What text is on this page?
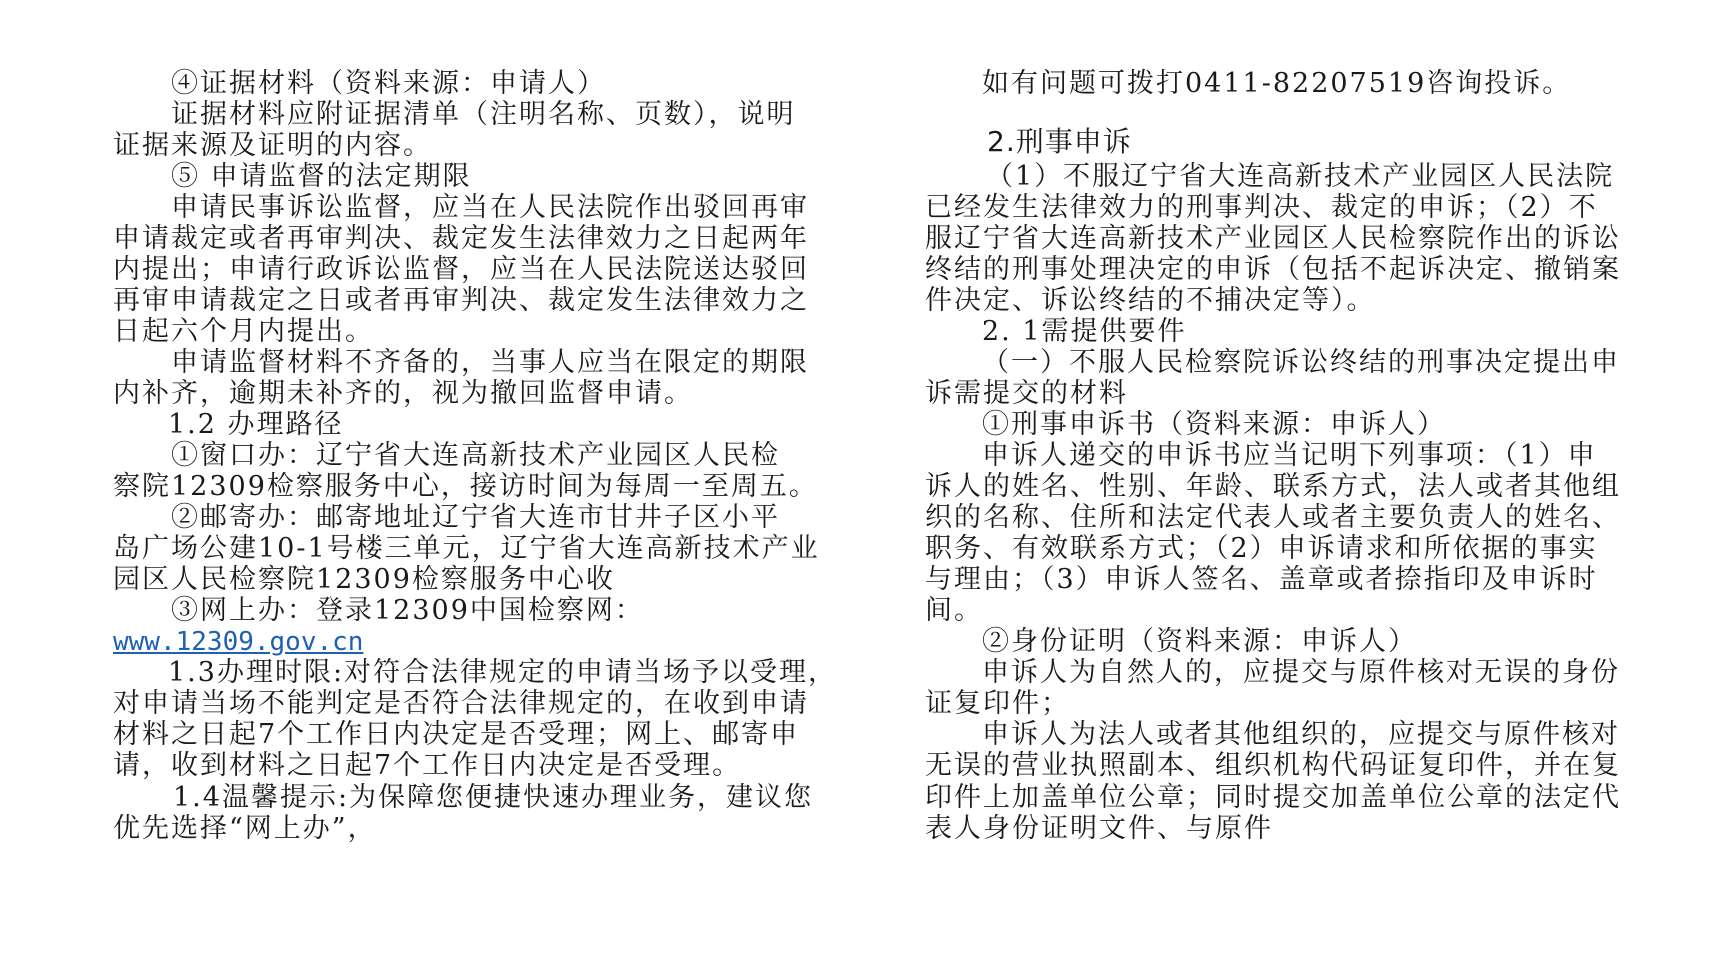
④证据材料（资料来源：申请人）
证据材料应附证据清单（注明名称、页数），说明
证据来源及证明的内容。
⑤ 申请监督的法定期限
申请民事诉讼监督，应当在人民法院作出驳回再审
申请裁定或者再审判决、裁定发生法律效力之日起两年
内提出；申请行政诉讼监督，应当在人民法院送达驳回
再审申请裁定之日或者再审判决、裁定发生法律效力之
日起六个月内提出。
申请监督材料不齐备的，当事人应当在限定的期限
内补齐，逾期未补齐的，视为撤回监督申请。
1.2 办理路径
①窗口办：辽宁省大连高新技术产业园区人民检
察院12309检察服务中心，接访时间为每周一至周五。
②邮寄办：邮寄地址辽宁省大连市甘井子区小平
岛广场公建10-1号楼三单元，辽宁省大连高新技术产业
园区人民检察院12309检察服务中心收
③网上办：登录12309中国检察网：
www.12309.gov.cn
1.3办理时限:对符合法律规定的申请当场予以受理，
对申请当场不能判定是否符合法律规定的，在收到申请
材料之日起7个工作日内决定是否受理；网上、邮寄申
请，收到材料之日起7个工作日内决定是否受理。
1.4温馨提示:为保障您便捷快速办理业务，建议您
优先选择“网上办”，
如有问题可拨打0411-82207519咨询投诉。
2.刑事申诉
（1）不服辽宁省大连高新技术产业园区人民法院
已经发生法律效力的刑事判决、裁定的申诉；（2）不
服辽宁省大连高新技术产业园区人民检察院作出的诉讼
终结的刑事处理决定的申诉（包括不起诉决定、撤销案
件决定、诉讼终结的不捕决定等）。
2. 1需提供要件
（一）不服人民检察院诉讼终结的刑事决定提出申
诉需提交的材料
①刑事申诉书（资料来源：申诉人）
申诉人递交的申诉书应当记明下列事项：（1）申
诉人的姓名、性别、年龄、联系方式，法人或者其他组
织的名称、住所和法定代表人或者主要负责人的姓名、
职务、有效联系方式；（2）申诉请求和所依据的事实
与理由；（3）申诉人签名、盖章或者捺指印及申诉时
间。
②身份证明（资料来源：申诉人）
申诉人为自然人的，应提交与原件核对无误的身份
证复印件；
申诉人为法人或者其他组织的，应提交与原件核对
无误的营业执照副本、组织机构代码证复印件，并在复
印件上加盖单位公章；同时提交加盖单位公章的法定代
表人身份证明文件、与原件
